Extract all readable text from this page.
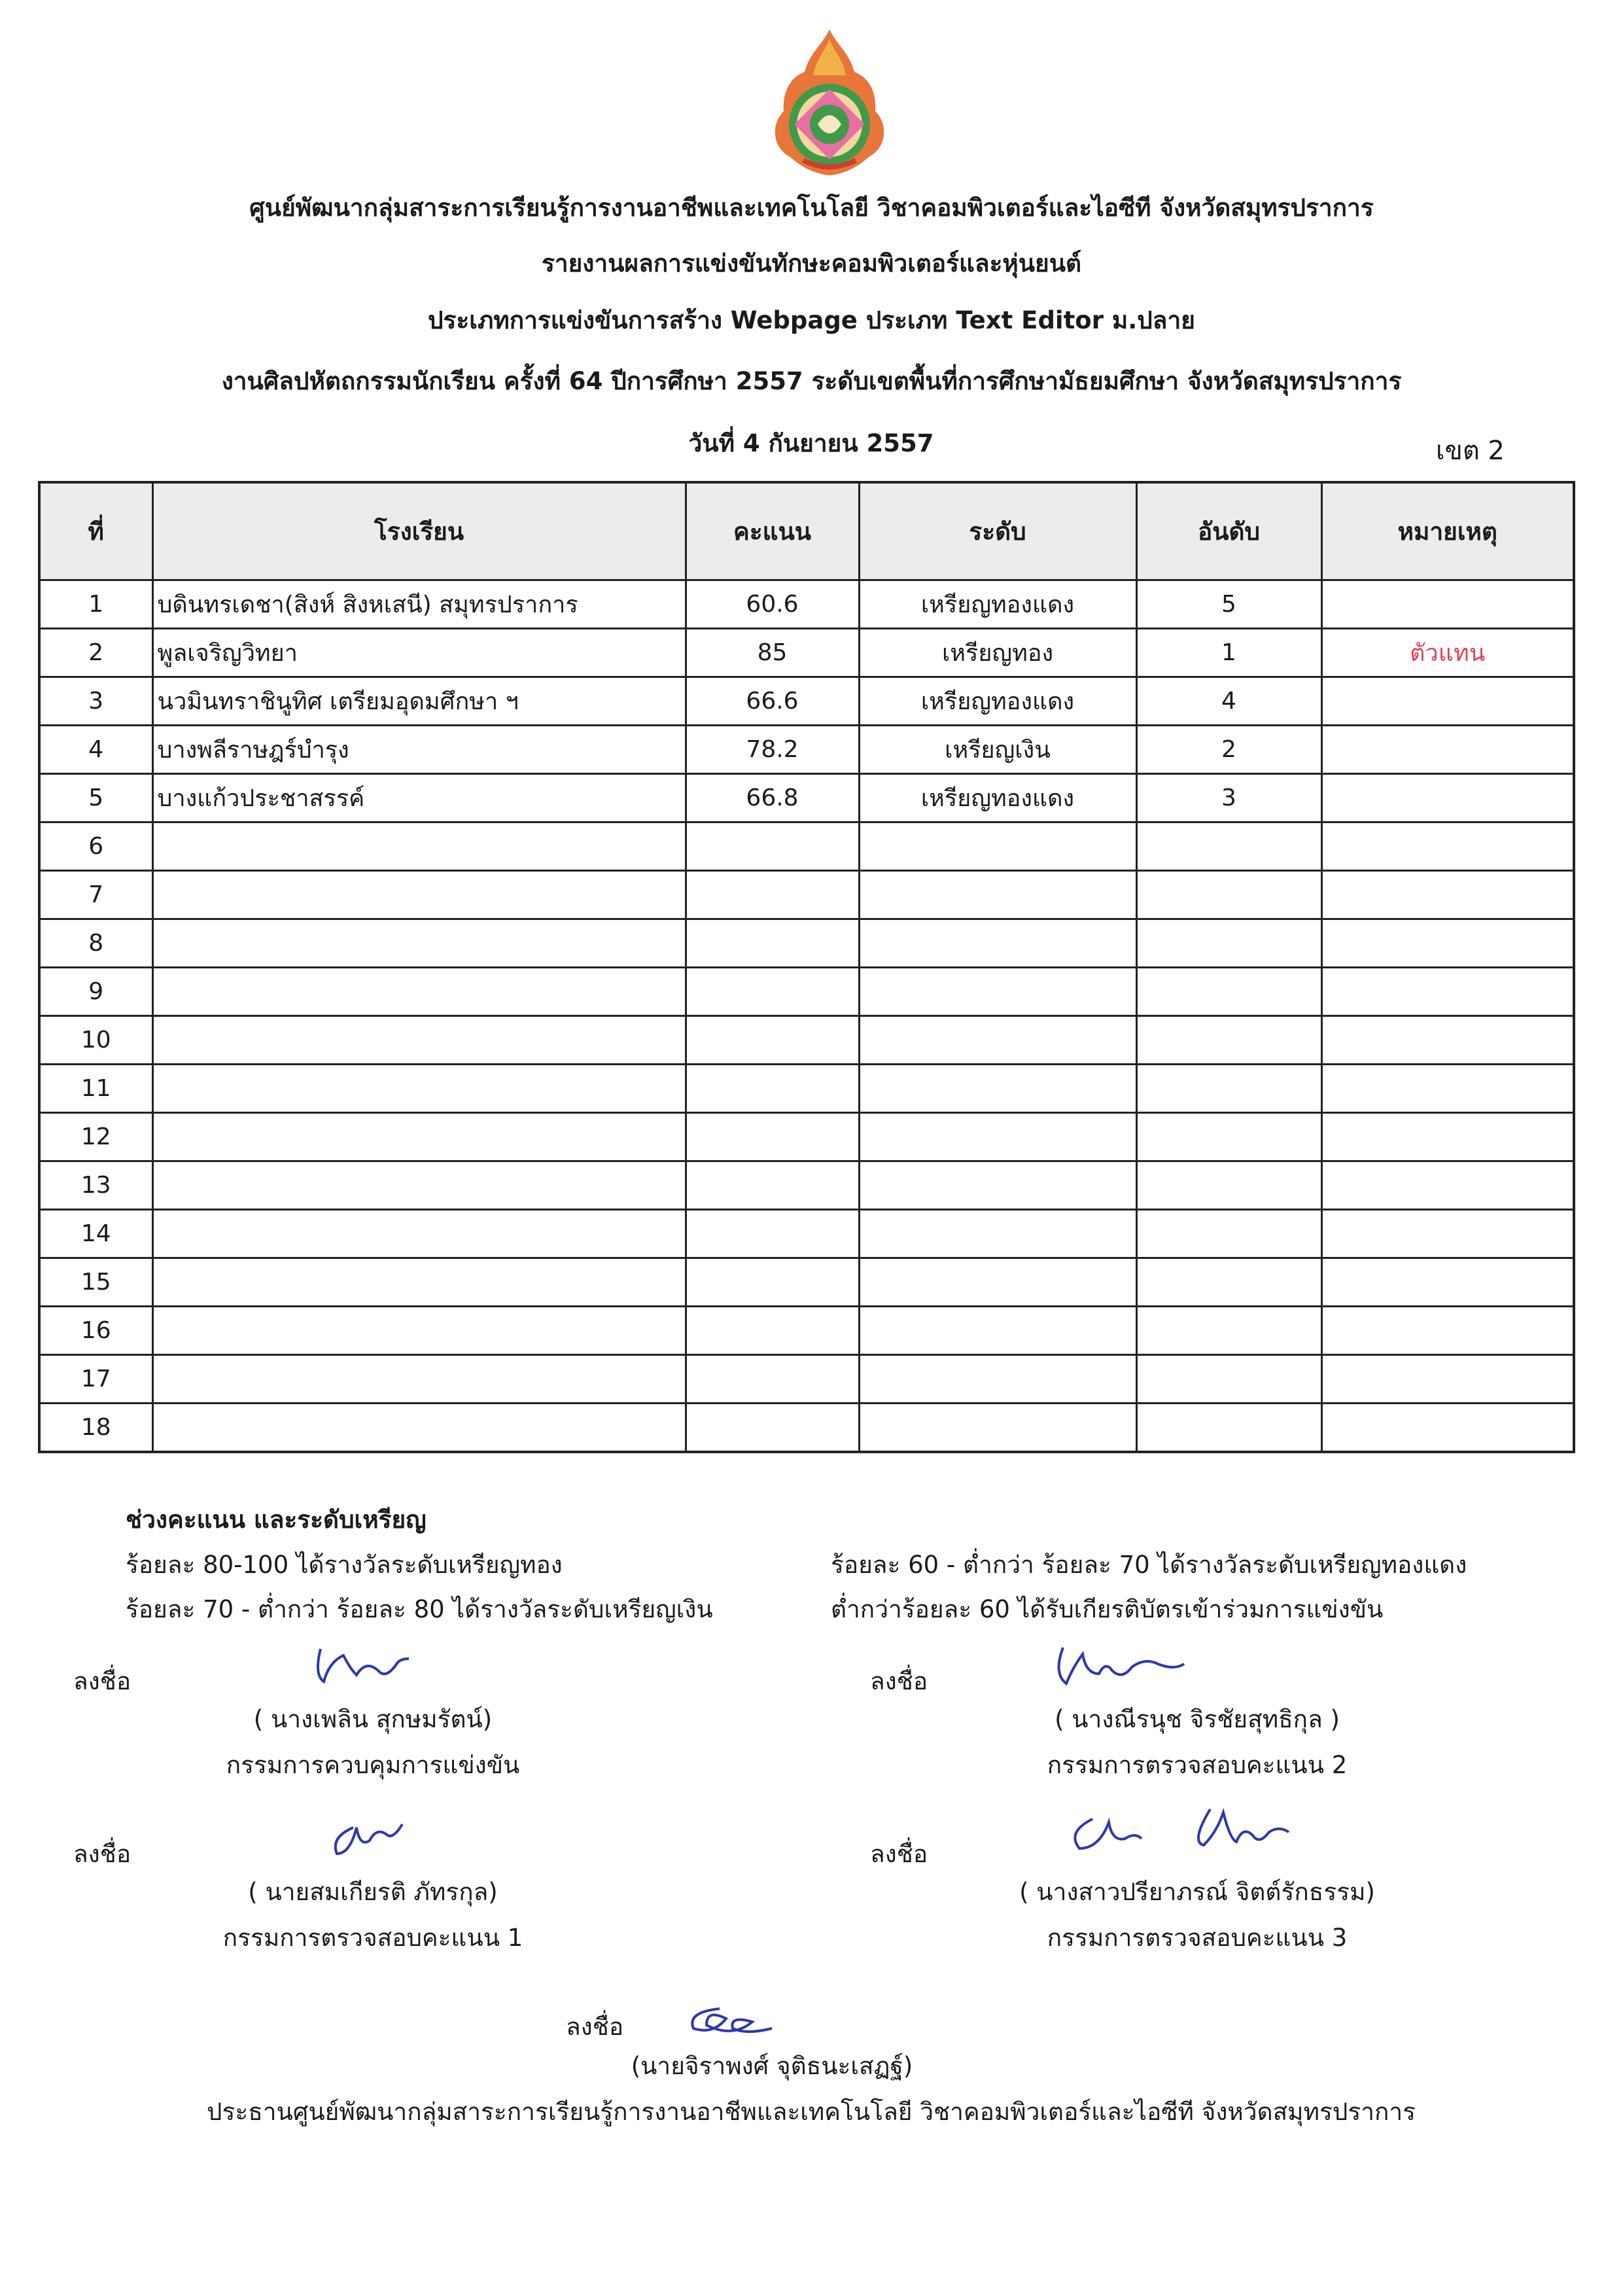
ศูนย์พัฒนากลุ่มสาระการเรียนรู้การงานอาชีพและเทคโนโลยี วิชาคอมพิวเตอร์และไอซีที จังหวัดสมุทรปราการ
รายงานผลการแข่งขันทักษะคอมพิวเตอร์และหุ่นยนต์
ประเภทการแข่งขันการสร้าง Webpage ประเภท Text Editor ม.ปลาย
งานศิลปหัตถกรรมนักเรียน ครั้งที่ 64 ปีการศึกษา 2557 ระดับเขตพื้นที่การศึกษามัธยมศึกษา จังหวัดสมุทรปราการ
วันที่ 4 กันยายน 2557	เขต 2
ที่	โรงเรียน	คะแนน	ระดับ	อันดับ	หมายเหตุ
1	บดินทรเดชา(สิงห์ สิงหเสนี) สมุทรปราการ	60.6	เหรียญทองแดง	5	
2	พูลเจริญวิทยา	85	เหรียญทอง	1	ตัวแทน
3	นวมินทราชินูทิศ เตรียมอุดมศึกษา ฯ	66.6	เหรียญทองแดง	4	
4	บางพลีราษฎร์บำรุง	78.2	เหรียญเงิน	2	
5	บางแก้วประชาสรรค์	66.8	เหรียญทองแดง	3	
6					
7					
8					
9					
10					
11					
12					
13					
14					
15					
16					
17					
18					
ช่วงคะแนน และระดับเหรียญ
ร้อยละ 80-100 ได้รางวัลระดับเหรียญทอง
ร้อยละ 70 - ต่ำกว่า ร้อยละ 80 ได้รางวัลระดับเหรียญเงิน
ร้อยละ 60 - ต่ำกว่า ร้อยละ 70 ได้รางวัลระดับเหรียญทองแดง
ต่ำกว่าร้อยละ 60 ได้รับเกียรติบัตรเข้าร่วมการแข่งขัน
ลงชื่อ
( นางเพลิน สุกษมรัตน์)
กรรมการควบคุมการแข่งขัน
ลงชื่อ
( นางณีรนุช จิรชัยสุทธิกุล )
กรรมการตรวจสอบคะแนน 2
ลงชื่อ
( นายสมเกียรติ ภัทรกุล)
กรรมการตรวจสอบคะแนน 1
ลงชื่อ
( นางสาวปรียาภรณ์ จิตต์รักธรรม)
กรรมการตรวจสอบคะแนน 3
ลงชื่อ
(นายจิราพงศ์ จุติธนะเสฏฐ์)
ประธานศูนย์พัฒนากลุ่มสาระการเรียนรู้การงานอาชีพและเทคโนโลยี วิชาคอมพิวเตอร์และไอซีที จังหวัดสมุทรปราการ
